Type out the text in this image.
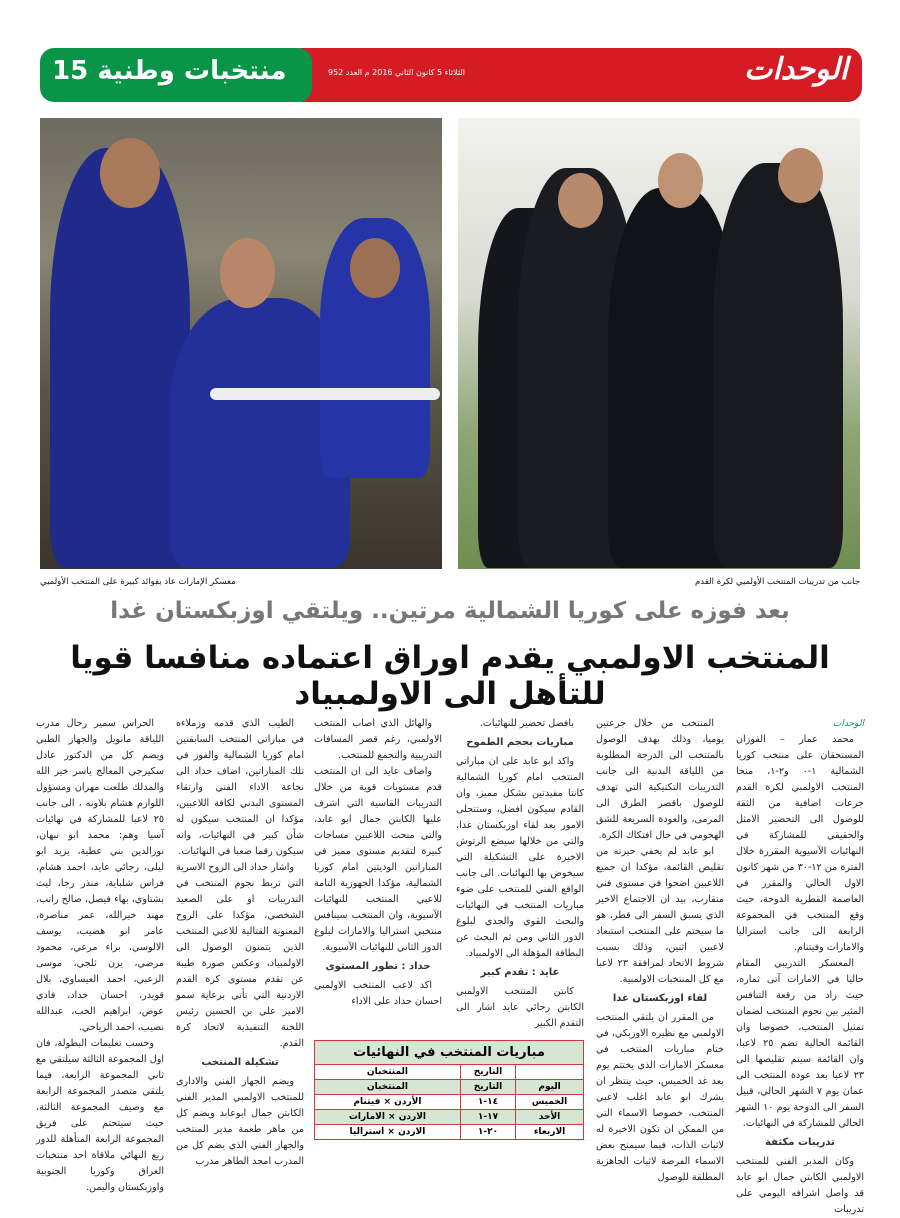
الوحدات
الثلاثاء 5 كانون الثاني 2016 م العدد 952
منتخبات وطنية 15
معسكر الإمارات عاد بفوائد كبيرة على المنتخب الأولمبي	جانب من تدريبات المنتخب الأولمبي لكرة القدم
بعد فوزه على كوريا الشمالية مرتين.. ويلتقي اوزبكستان غدا
المنتخب الاولمبي يقدم اوراق اعتماده منافسا قويا للتأهل الى الاولمبياد
الوحدات

محمد عمار – الفوزان المستحقان على منتخب كوريا الشمالية ١-٠ و٢-١، منحا المنتخب الاولمبي لكرة القدم جرعات اضافية من الثقة للوصول الى التحضير الامثل والحقيقي للمشاركة في النهائيات الآسيوية المقررة خلال الفترة من ١٢-٣٠ من شهر كانون الاول الحالي والمقرر في العاصمة القطرية الدوحة، حيث وقع المنتخب في المجموعة الرابعة الى جانب استراليا والامارات وفيتنام.

المعسكر التدريبي المقام حاليا في الامارات آتى ثماره، حيث زاد من رقعة التنافس المثير بين نجوم المنتخب لضمان تمثيل المنتخب، خصوصا وان القائمة الحالية تضم ٢٥ لاعبا، وان القائمة سيتم تقليصها الى ٢٣ لاعبا بعد عودة المنتخب الى عمان يوم ٧ الشهر الحالي، قبيل السفر الى الدوحة يوم ١٠ الشهر الحالي للمشاركة في النهائيات.

تدريبات مكثفة

وكان المدير الفني للمنتخب الاولمبي الكابتن جمال ابو عابد قد واصل اشرافه اليومي على تدريبات

المنتخب من خلال جرعتين يوميا، وذلك بهدف الوصول بالمنتخب الى الدرجة المطلوبة من اللياقة البدنية الى جانب التدريبات التكتيكية التي تهدف للوصول باقصر الطرق الى المرمى، والعودة السريعة للشق الهجومي في حال افتكاك الكرة.

ابو عابد لم يخفي حيرته من تقليص القائمة، مؤكدا ان جميع اللاعبين اضحوا في مستوى فني متقارب، بيد ان الاجتماع الاخير الذي يسبق السفر الى قطر، هو ما سيحتم على المنتخب استبعاد لاعبين اثنين، وذلك بسبب شروط الاتحاد لمرافقة ٢٣ لاعبا مع كل المنتخبات الاولمبية.

لقاء اوزبكستان غدا

من المقرر ان يلتقي المنتخب الاولمبي مع نظيره الاوزبكي، في ختام مباريات المنتخب في معسكر الامارات الذي يختتم يوم بعد غد الخميس، حيث ينتظر ان يشرك ابو عابد اغلب لاعبي المنتخب، خصوصا الاسماء التي من الممكن ان تكون الاخيرة له لاثبات الذات، فيما سيمنح بعض الاسماء الفرصة لاثبات الجاهزية المطلقة للوصول

بافضل تحضير للنهائيات.

مباريات بحجم الطموح

واكد ابو عابد على ان مباراتي المنتخب امام كوريا الشمالية كانتا مفيدتين بشكل مميز، وان القادم سيكون افضل، وستتجلى الامور بعد لقاء اوزبكستان غدا، والتي من خلالها سيضع الرتوش الاخيرة على التشكيلة التي سيخوض بها النهائيات. الى جانب الواقع الفني للمنتخب على ضوء مباريات المنتخب في النهائيات والبحث القوي والجدي لبلوغ الدور الثاني ومن ثم البحث عن البطاقة المؤهلة الى الاولمبياد.

عايد : تقدم كبير

كابتن المنتخب الاولمبي الكابتن رجائي عايد اشار الى التقدم الكبير

والهائل الذي اصاب المنتخب الاولمبي، رغم قصر المسافات التدريبية والتجمع للمنتخب.

واضاف عايد الى ان المنتخب قدم مستويات قوية من خلال التدريبات القاسية التي اشرف عليها الكابتن جمال ابو عابد، والتي منحت اللاعبين مساحات كبيرة لتقديم مستوى مميز في المباراتين الوديتين امام كوريا الشمالية، مؤكدا الجهوزية التامة للاعبي المنتخب للنهائيات الآسيوية، وان المنتخب سينافس منتخبي استراليا والامارات لبلوغ الدور الثاني للنهائيات الآسيوية.

حداد : تطور المستوى

اكد لاعب المنتخب الاولمبي احسان حداد على الاداء

مباريات المنتخب في النهائيات		
	التاريخ	المنتخبان
اليوم	التاريخ	المنتخبان
الخميس	١٤-١	الأردن × فيتنام
الأحد	١٧-١	الاردن × الامارات
الاربعاء	٢٠-١	الاردن × استراليا

الطيب الذي قدمه وزملاءه في مباراتي المنتخب السابقتين امام كوريا الشمالية والفوز في تلك المباراتين، اضاف حداد الى نجاعة الاداء الفني وارتقاء المستوى البدني لكافة اللاعبين، مؤكدا ان المنتخب سيكون له شأن كبير في النهائيات، وانه سيكون رقما صعبا في النهائيات.

واشار حداد الى الروح الاسرية التي تربط نجوم المنتخب في التدريبات او على الصعيد الشخصي، مؤكدا على الروح المعنوية القتالية للاعبي المنتخب الذين يتمنون الوصول الى الاولمبياد، وعكس صورة طيبة عن تقدم مستوى كرة القدم الاردنية التي تأتي برعاية سمو الامير علي بن الحسين رئيس اللجنة التنفيذية لاتحاد كرة القدم.

تشكيلة المنتخب

ويضم الجهاز الفني والاداري للمنتخب الاولمبي المدير الفني الكابتن جمال ابوعابد ويضم كل من ماهر طعمة مدير المنتخب والجهاز الفني الذي يضم كل من المدرب امجد الطاهر مدرب

الحراس سمير رحال مدرب اللياقة مانويل والجهاز الطبي ويضم كل من الدكتور عادل سكيرجي المعالج ياسر خير الله والمدلك طلعت مهران ومسؤول اللوازم هشام بلاونه ، الى جانب ٢٥ لاعبا للمشاركة في نهائيات آسيا وهم: محمد ابو نبهان، نورالدين بني عطية، يزيد ابو ليلى، رجائي عايد، احمد هشام، فراس شلباية، منذر رجا، ليث بشتاوي، بهاء فيصل، صالح راتب، مهند خيرالله، عمر مناصرة، عامر ابو هضيب، يوسف الالوسي، براء مرعي، محمود مرضي، يزن ثلجي، موسى الزعبي، احمد العيساوي، بلال قويدر، احسان حداد، فادي عوض، ابراهيم الخب، عبدالله نصيب، احمد الرياحي.

وحسب تعليمات البطولة، فان اول المجموعة الثالثة سيلتقي مع ثاني المجموعة الرابعة، فيما يلتقي متصدر المجموعة الرابعة مع وصيف المجموعة الثالثة، حيث سيتحتم على فريق المجموعة الرابعة المتأهلة للدور ربع النهائي ملاقاة احد منتخبات العراق وكوريا الجنوبية واوزبكستان واليمن.
